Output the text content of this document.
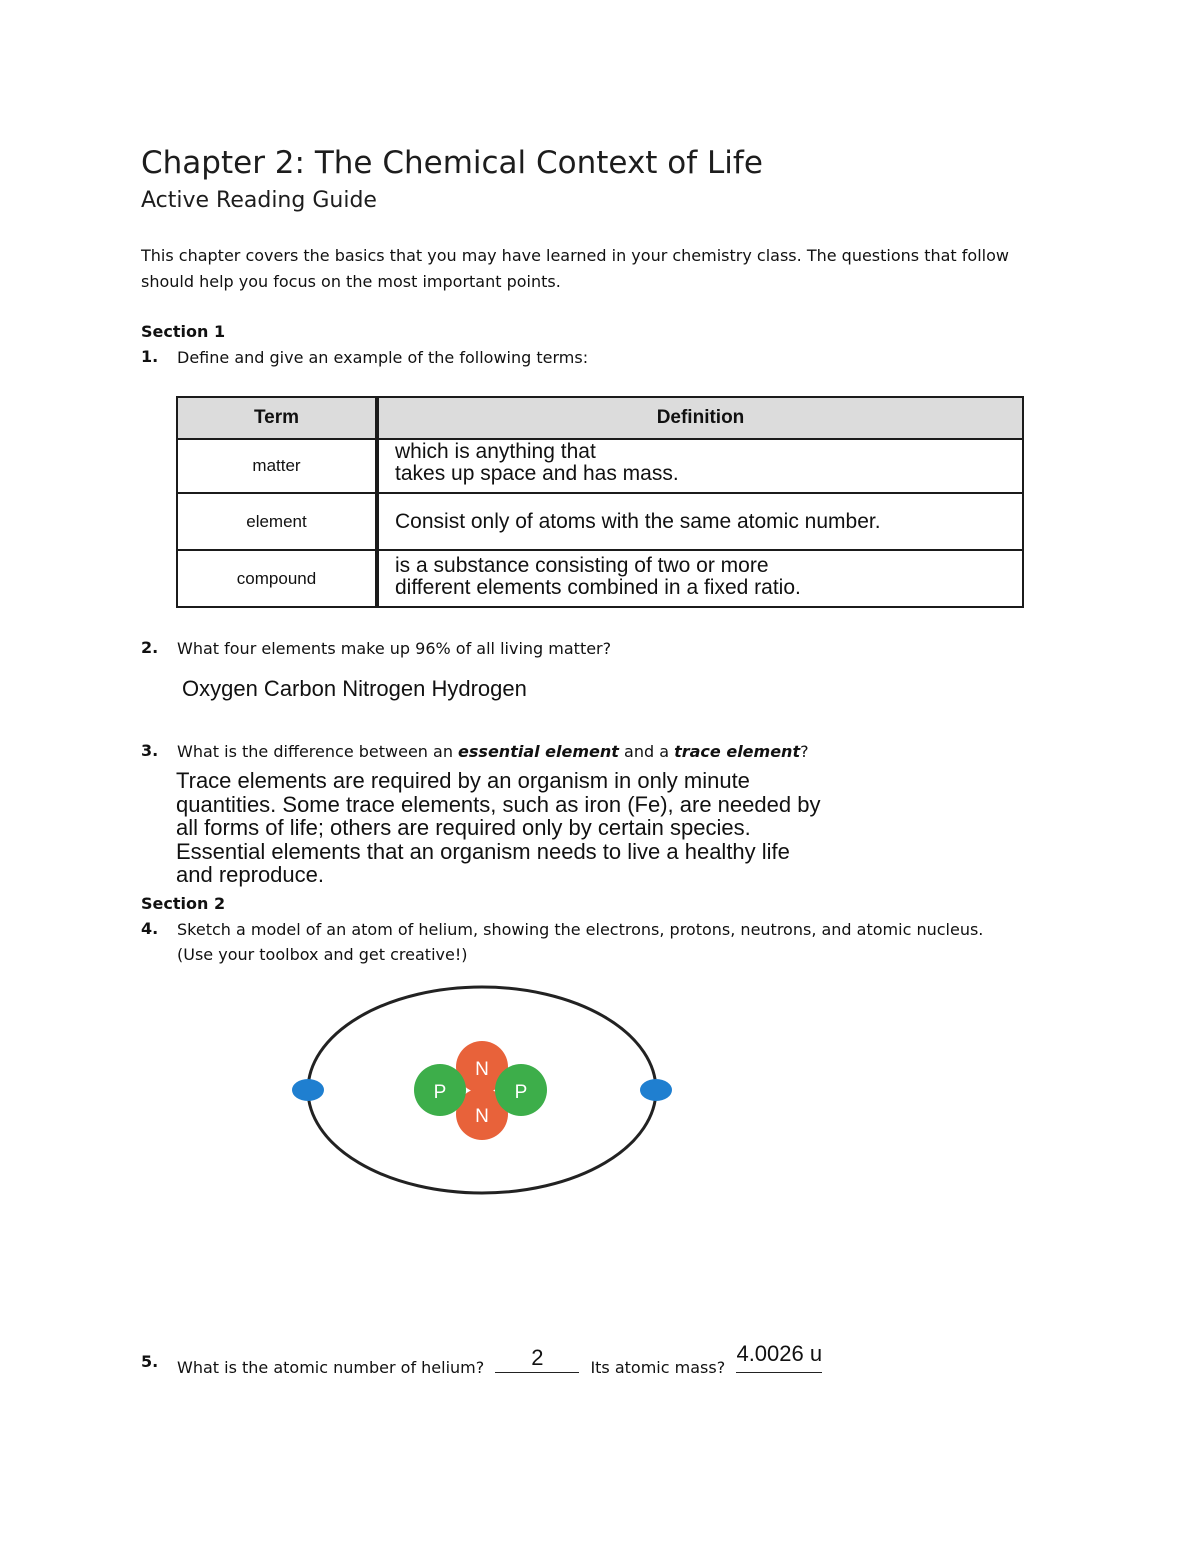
Chapter 2: The Chemical Context of Life
Active Reading Guide
This chapter covers the basics that you may have learned in your chemistry class. The questions that follow should help you focus on the most important points.
Section 1
1. Define and give an example of the following terms:
Term	Definition
matter	which is anything that
takes up space and has mass.

element	Consist only of atoms with the same atomic number.

compound	is a substance consisting of two or more
different elements combined in a fixed ratio.
2. What four elements make up 96% of all living matter?
Oxygen Carbon Nitrogen Hydrogen
3. What is the difference between an essential element and a trace element?
Trace elements are required by an organism in only minute
quantities. Some trace elements, such as iron (Fe), are needed by
all forms of life; others are required only by certain species.
Essential elements that an organism needs to live a healthy life
and reproduce.
Section 2
4. Sketch a model of an atom of helium, showing the electrons, protons, neutrons, and atomic nucleus.
(Use your toolbox and get creative!)
N
N
P	P
5. What is the atomic number of helium?	2	Its atomic mass?
4.0026 u
